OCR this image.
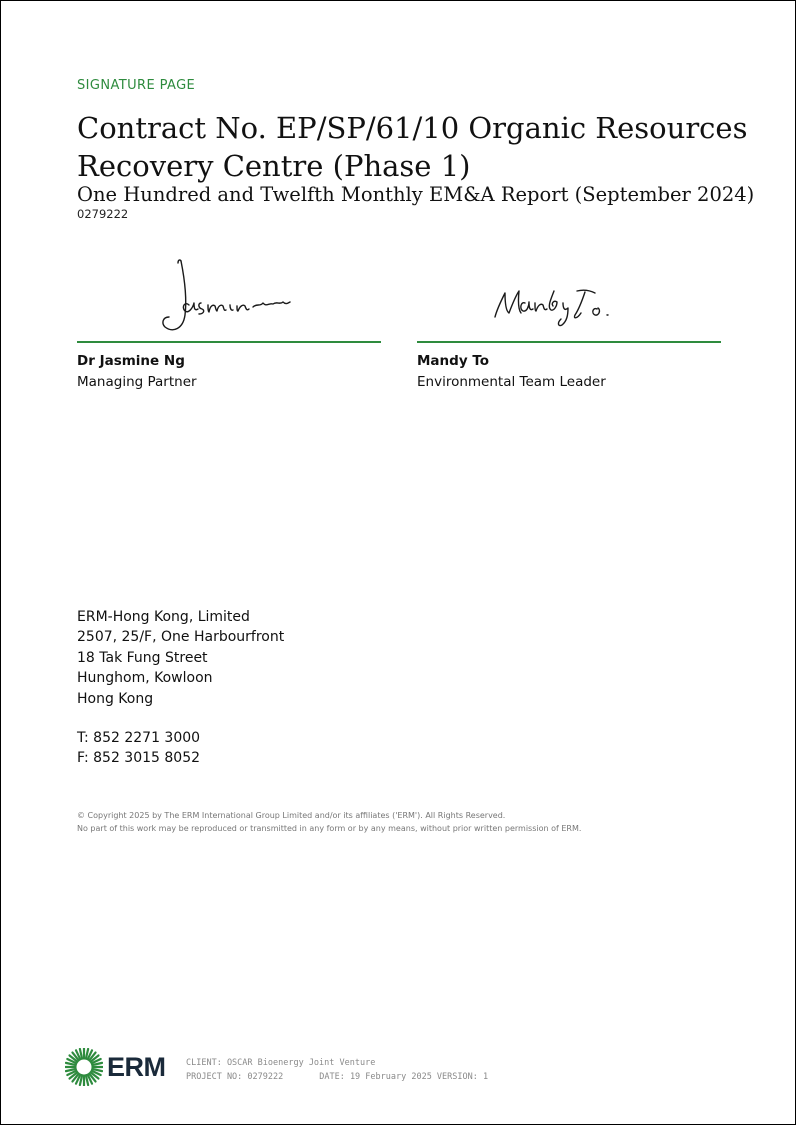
SIGNATURE PAGE
Contract No. EP/SP/61/10 Organic Resources Recovery Centre (Phase 1)
One Hundred and Twelfth Monthly EM&A Report (September 2024)
0279222
Dr Jasmine Ng
Managing Partner
Mandy To
Environmental Team Leader
ERM-Hong Kong, Limited
2507, 25/F, One Harbourfront
18 Tak Fung Street
Hunghom, Kowloon
Hong Kong
T: 852 2271 3000
F: 852 3015 8052
© Copyright 2025 by The ERM International Group Limited and/or its affiliates ('ERM'). All Rights Reserved.
No part of this work may be reproduced or transmitted in any form or by any means, without prior written permission of ERM.
ERM CLIENT: OSCAR Bioenergy Joint Venture
PROJECT NO: 0279222	DATE: 19 February 2025 VERSION: 1
